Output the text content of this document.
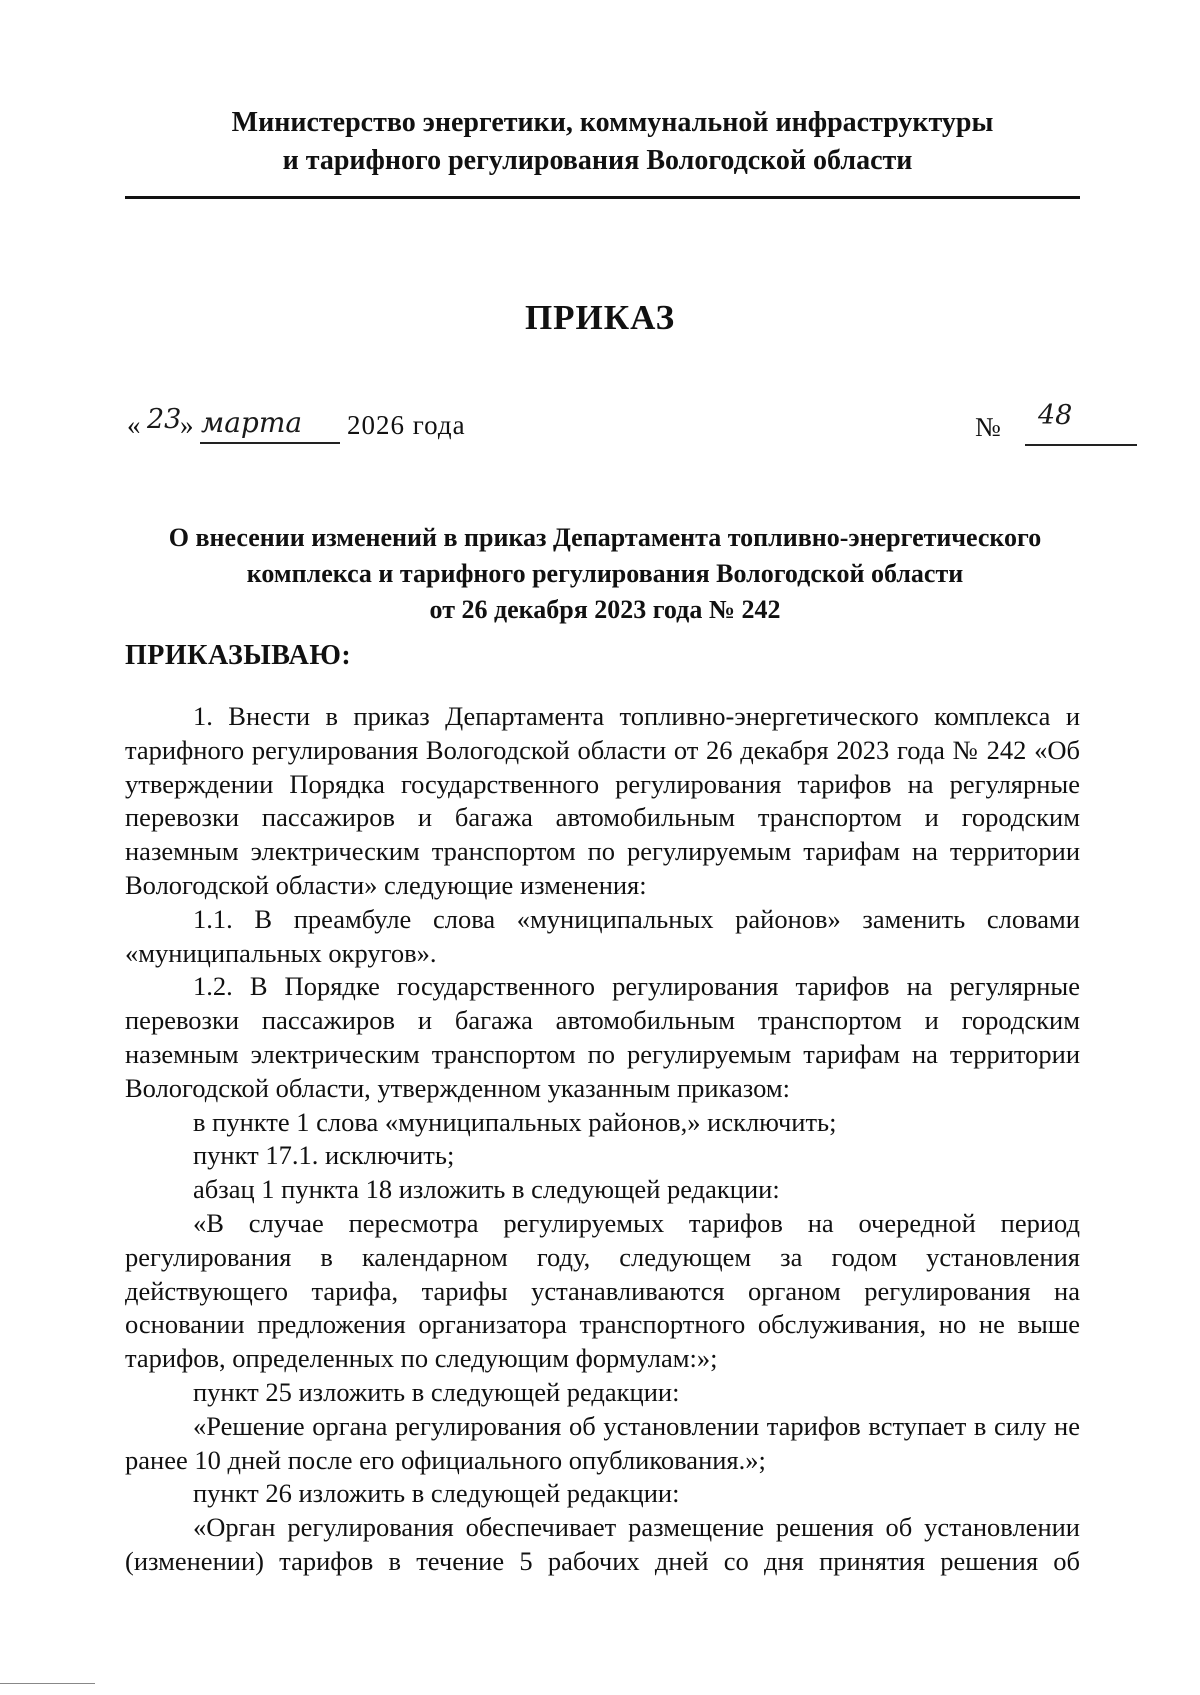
Министерство энергетики, коммунальной инфраструктуры
и тарифного регулирования Вологодской области
ПРИКАЗ
« 23
» марта 2026 года	№ 48
О внесении изменений в приказ Департамента топливно-энергетического
комплекса и тарифного регулирования Вологодской области
от 26 декабря 2023 года № 242
ПРИКАЗЫВАЮ:

1. Внести в приказ Департамента топливно-энергетического комплекса и тарифного регулирования Вологодской области от 26 декабря 2023 года № 242 «Об утверждении Порядка государственного регулирования тарифов на регулярные перевозки пассажиров и багажа автомобильным транспортом и городским наземным электрическим транспортом по регулируемым тарифам на территории Вологодской области» следующие изменения:

1.1. В преамбуле слова «муниципальных районов» заменить словами «муниципальных округов».

1.2. В Порядке государственного регулирования тарифов на регулярные перевозки пассажиров и багажа автомобильным транспортом и городским наземным электрическим транспортом по регулируемым тарифам на территории Вологодской области, утвержденном указанным приказом:

в пункте 1 слова «муниципальных районов,» исключить;

пункт 17.1. исключить;

абзац 1 пункта 18 изложить в следующей редакции:

«В случае пересмотра регулируемых тарифов на очередной период регулирования в календарном году, следующем за годом установления действующего тарифа, тарифы устанавливаются органом регулирования на основании предложения организатора транспортного обслуживания, но не выше тарифов, определенных по следующим формулам:»;

пункт 25 изложить в следующей редакции:

«Решение органа регулирования об установлении тарифов вступает в силу не ранее 10 дней после его официального опубликования.»;

пункт 26 изложить в следующей редакции:

«Орган регулирования обеспечивает размещение решения об установлении (изменении) тарифов в течение 5 рабочих дней со дня принятия решения об
